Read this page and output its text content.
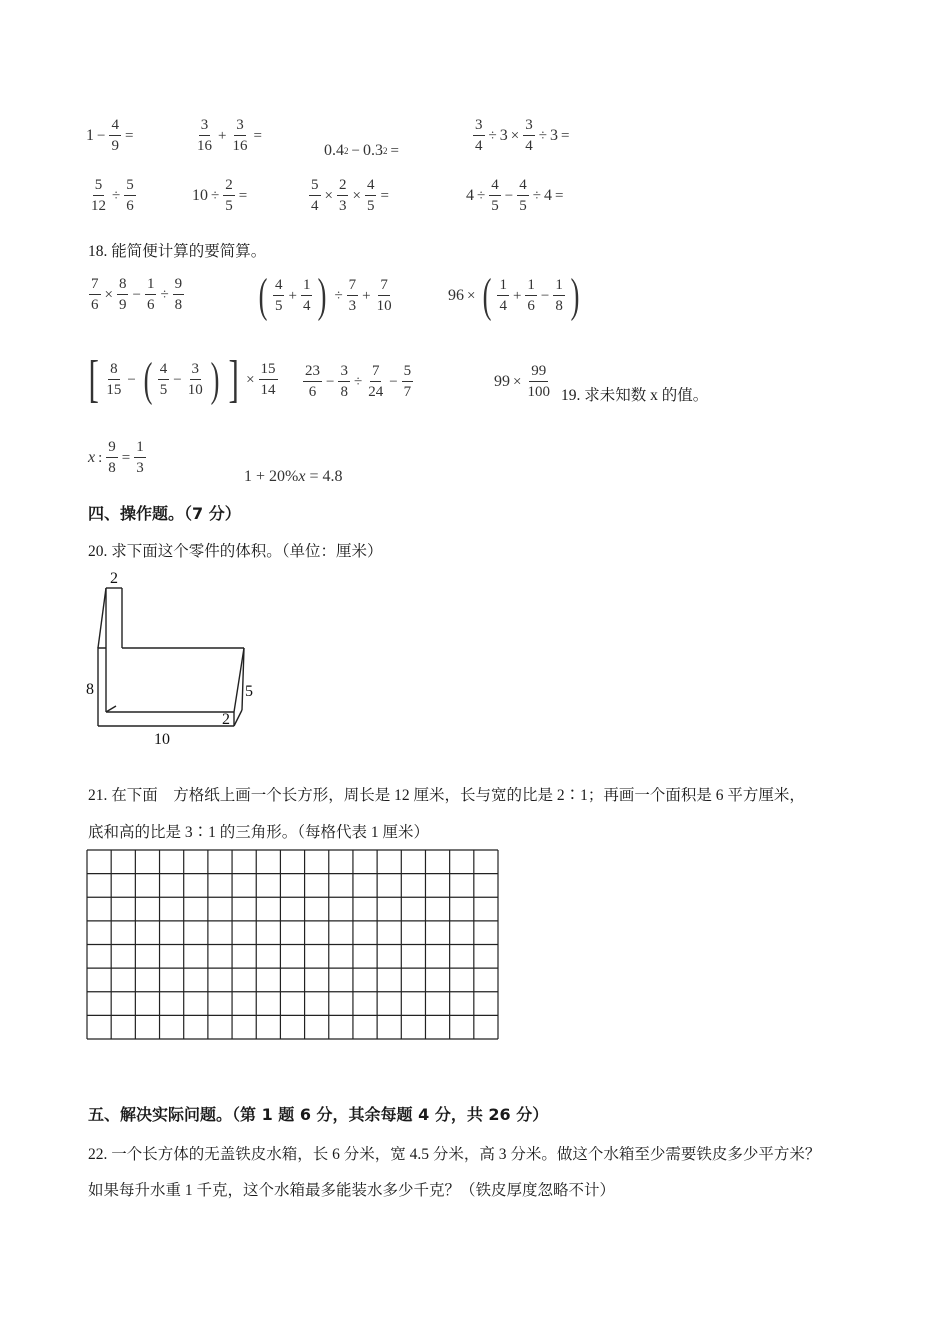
$1 - \frac{4}{9}$ =	$\frac{3}{16} + \frac{3}{16}$ =
0.4 2 − 0.3 2 =	$\frac{3}{4} \div 3 \times \frac{3}{4} \div 3$ =
$\frac{5}{12} \div \frac{5}{6}$	$10 \div \frac{2}{5}$ =	$\frac{5}{4} \times \frac{2}{3} \times \frac{4}{5}$ =	$4 \div \frac{4}{5} - \frac{4}{5} \div 4$ =
18. 能简便计算的要简算。
$\frac{7}{6} \times \frac{8}{9} - \frac{1}{6} \div \frac{9}{8}$ ( $\frac{4}{5} + \frac{1}{4}$ ) ÷ $\frac{7}{3} + \frac{7}{10}$	96 × ( $\frac{1}{4} + \frac{1}{6} - \frac{1}{8}$ )
[ $\frac{8}{15}$ − ( $\frac{4}{5} - \frac{3}{10}$ ) ] × $\frac{15}{14} \frac{23}{6} - \frac{3}{8} \div \frac{7}{24} - \frac{5}{7}$	$99 \times \frac{99}{100} 19$. 求未知数 x 的值。
x : $\frac{9}{8} = \frac{1}{3}$
1 + 20% x = 4.8
四、操作题。（7 分）
20. 求下面这个零件的体积。（单位：厘米）
2
8	5
2
10
21. 在下面　方格纸上画一个长方形，周长是 12 厘米，长与宽的比是 2∶1；再画一个面积是 6 平方厘米，
底和高的比是 3∶1 的三角形。（每格代表 1 厘米）
五、解决实际问题。（第 1 题 6 分，其余每题 4 分，共 26 分）
22. 一个长方体的无盖铁皮水箱，长 6 分米，宽 4.5 分米，高 3 分米。做这个水箱至少需要铁皮多少平方米？
如果每升水重 1 千克，这个水箱最多能装水多少千克？（铁皮厚度忽略不计）
